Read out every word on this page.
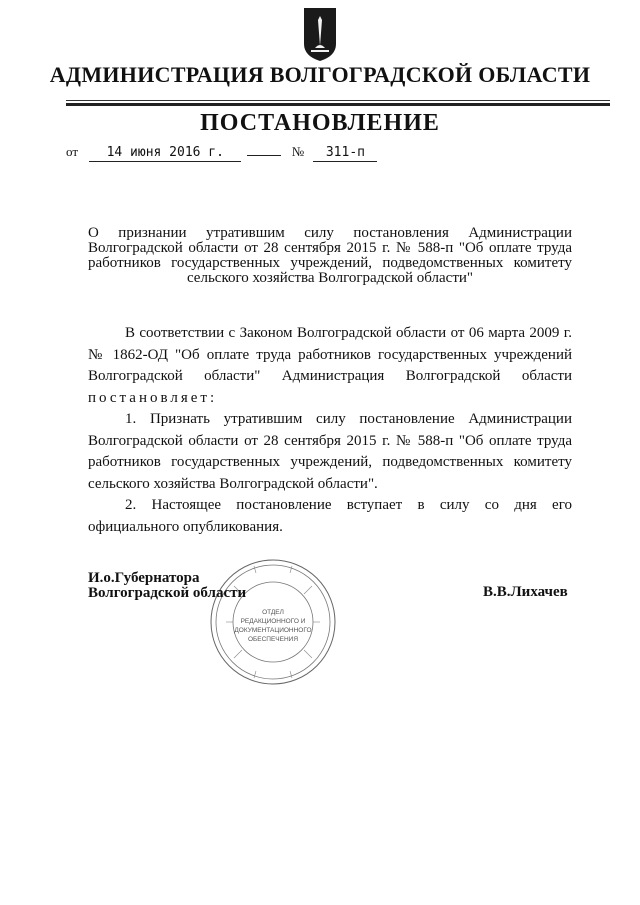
АДМИНИСТРАЦИЯ ВОЛГОГРАДСКОЙ ОБЛАСТИ
ПОСТАНОВЛЕНИЕ
от 14 июня 2016 г.	№ 311-п

О признании утратившим силу постановления Администрации

Волгоградской области от 28 сентября 2015 г. № 588-п "Об оплате труда

работников государственных учреждений, подведомственных комитету

сельского хозяйства Волгоградской области"

В соответствии с Законом Волгоградской области от 06 марта 2009 г. № 1862-ОД "Об оплате труда работников государственных учреждений Волгоградской области" Администрация Волгоградской области постановляет:

1. Признать утратившим силу постановление Администрации Волгоградской области от 28 сентября 2015 г. № 588-п "Об оплате труда работников государственных учреждений, подведомственных комитету сельского хозяйства Волгоградской области".

2. Настоящее постановление вступает в силу со дня его официального опубликования.

ОТДЕЛ
РЕДАКЦИОННОГО И
ДОКУМЕНТАЦИОННОГО
ОБЕСПЕЧЕНИЯ
И.о.Губернатора
Волгоградской области	В.В.Лихачев
